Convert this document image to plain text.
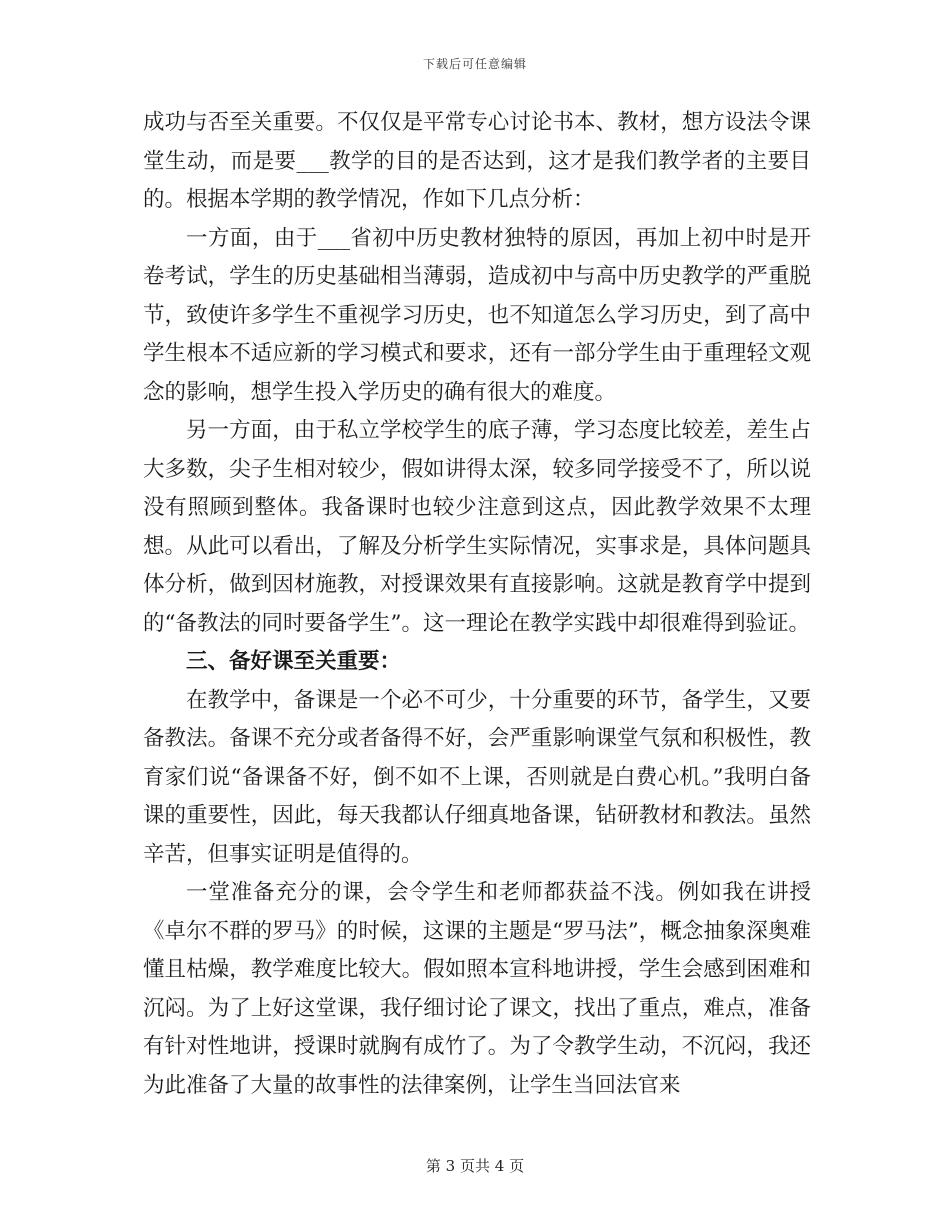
下载后可任意编辑

成功与否至关重要。不仅仅是平常专心讨论书本、教材，想方设法令课堂生动，而是要___教学的目的是否达到，这才是我们教学者的主要目的。根据本学期的教学情况，作如下几点分析：

一方面，由于___省初中历史教材独特的原因，再加上初中时是开卷考试，学生的历史基础相当薄弱，造成初中与高中历史教学的严重脱节，致使许多学生不重视学习历史，也不知道怎么学习历史，到了高中学生根本不适应新的学习模式和要求，还有一部分学生由于重理轻文观念的影响，想学生投入学历史的确有很大的难度。

另一方面，由于私立学校学生的底子薄，学习态度比较差，差生占大多数，尖子生相对较少，假如讲得太深，较多同学接受不了，所以说没有照顾到整体。我备课时也较少注意到这点，因此教学效果不太理想。从此可以看出，了解及分析学生实际情况，实事求是，具体问题具体分析，做到因材施教，对授课效果有直接影响。这就是教育学中提到的“备教法的同时要备学生”。这一理论在教学实践中却很难得到验证。

三、备好课至关重要：

在教学中，备课是一个必不可少，十分重要的环节，备学生，又要备教法。备课不充分或者备得不好，会严重影响课堂气氛和积极性，教育家们说“备课备不好，倒不如不上课，否则就是白费心机。”我明白备课的重要性，因此，每天我都认仔细真地备课，钻研教材和教法。虽然辛苦，但事实证明是值得的。

一堂准备充分的课，会令学生和老师都获益不浅。例如我在讲授《卓尔不群的罗马》的时候，这课的主题是“罗马法”，概念抽象深奥难懂且枯燥，教学难度比较大。假如照本宣科地讲授，学生会感到困难和沉闷。为了上好这堂课，我仔细讨论了课文，找出了重点，难点，准备有针对性地讲，授课时就胸有成竹了。为了令教学生动，不沉闷，我还为此准备了大量的故事性的法律案例，让学生当回法官来

第 3 页共 4 页
